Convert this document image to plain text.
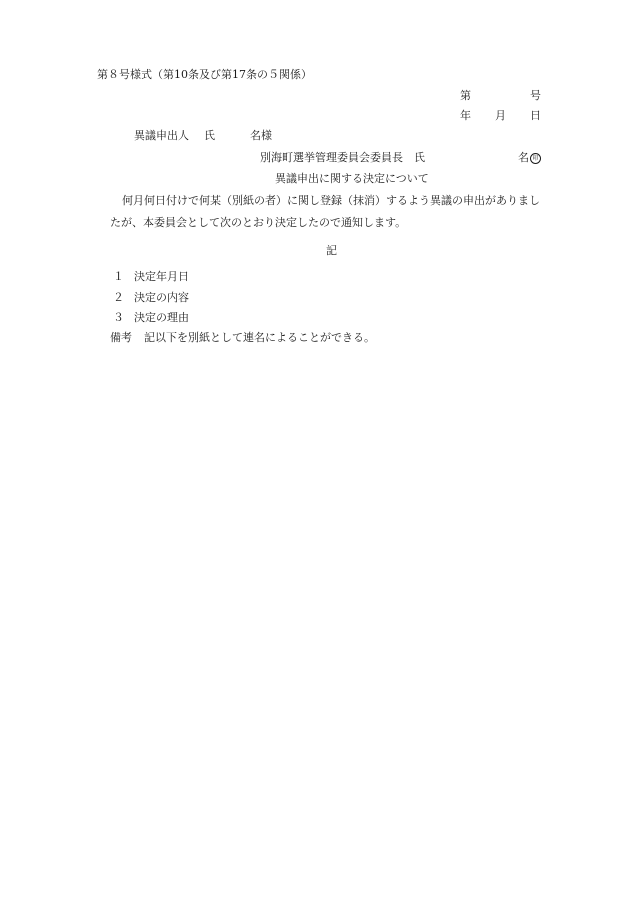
第８号様式（第10条及び第17条の５関係）
第	号
年 月 日
異議申出人 氏	名様
別海町選挙管理委員会委員長　氏	名 印
異議申出に関する決定について
何月何日付けで何某（別紙の者）に関し登録（抹消）するよう異議の申出がありまし
たが、本委員会として次のとおり決定したので通知します。
記
１ 決定年月日
２ 決定の内容
３ 決定の理由
備考 記以下を別紙として連名によることができる。
